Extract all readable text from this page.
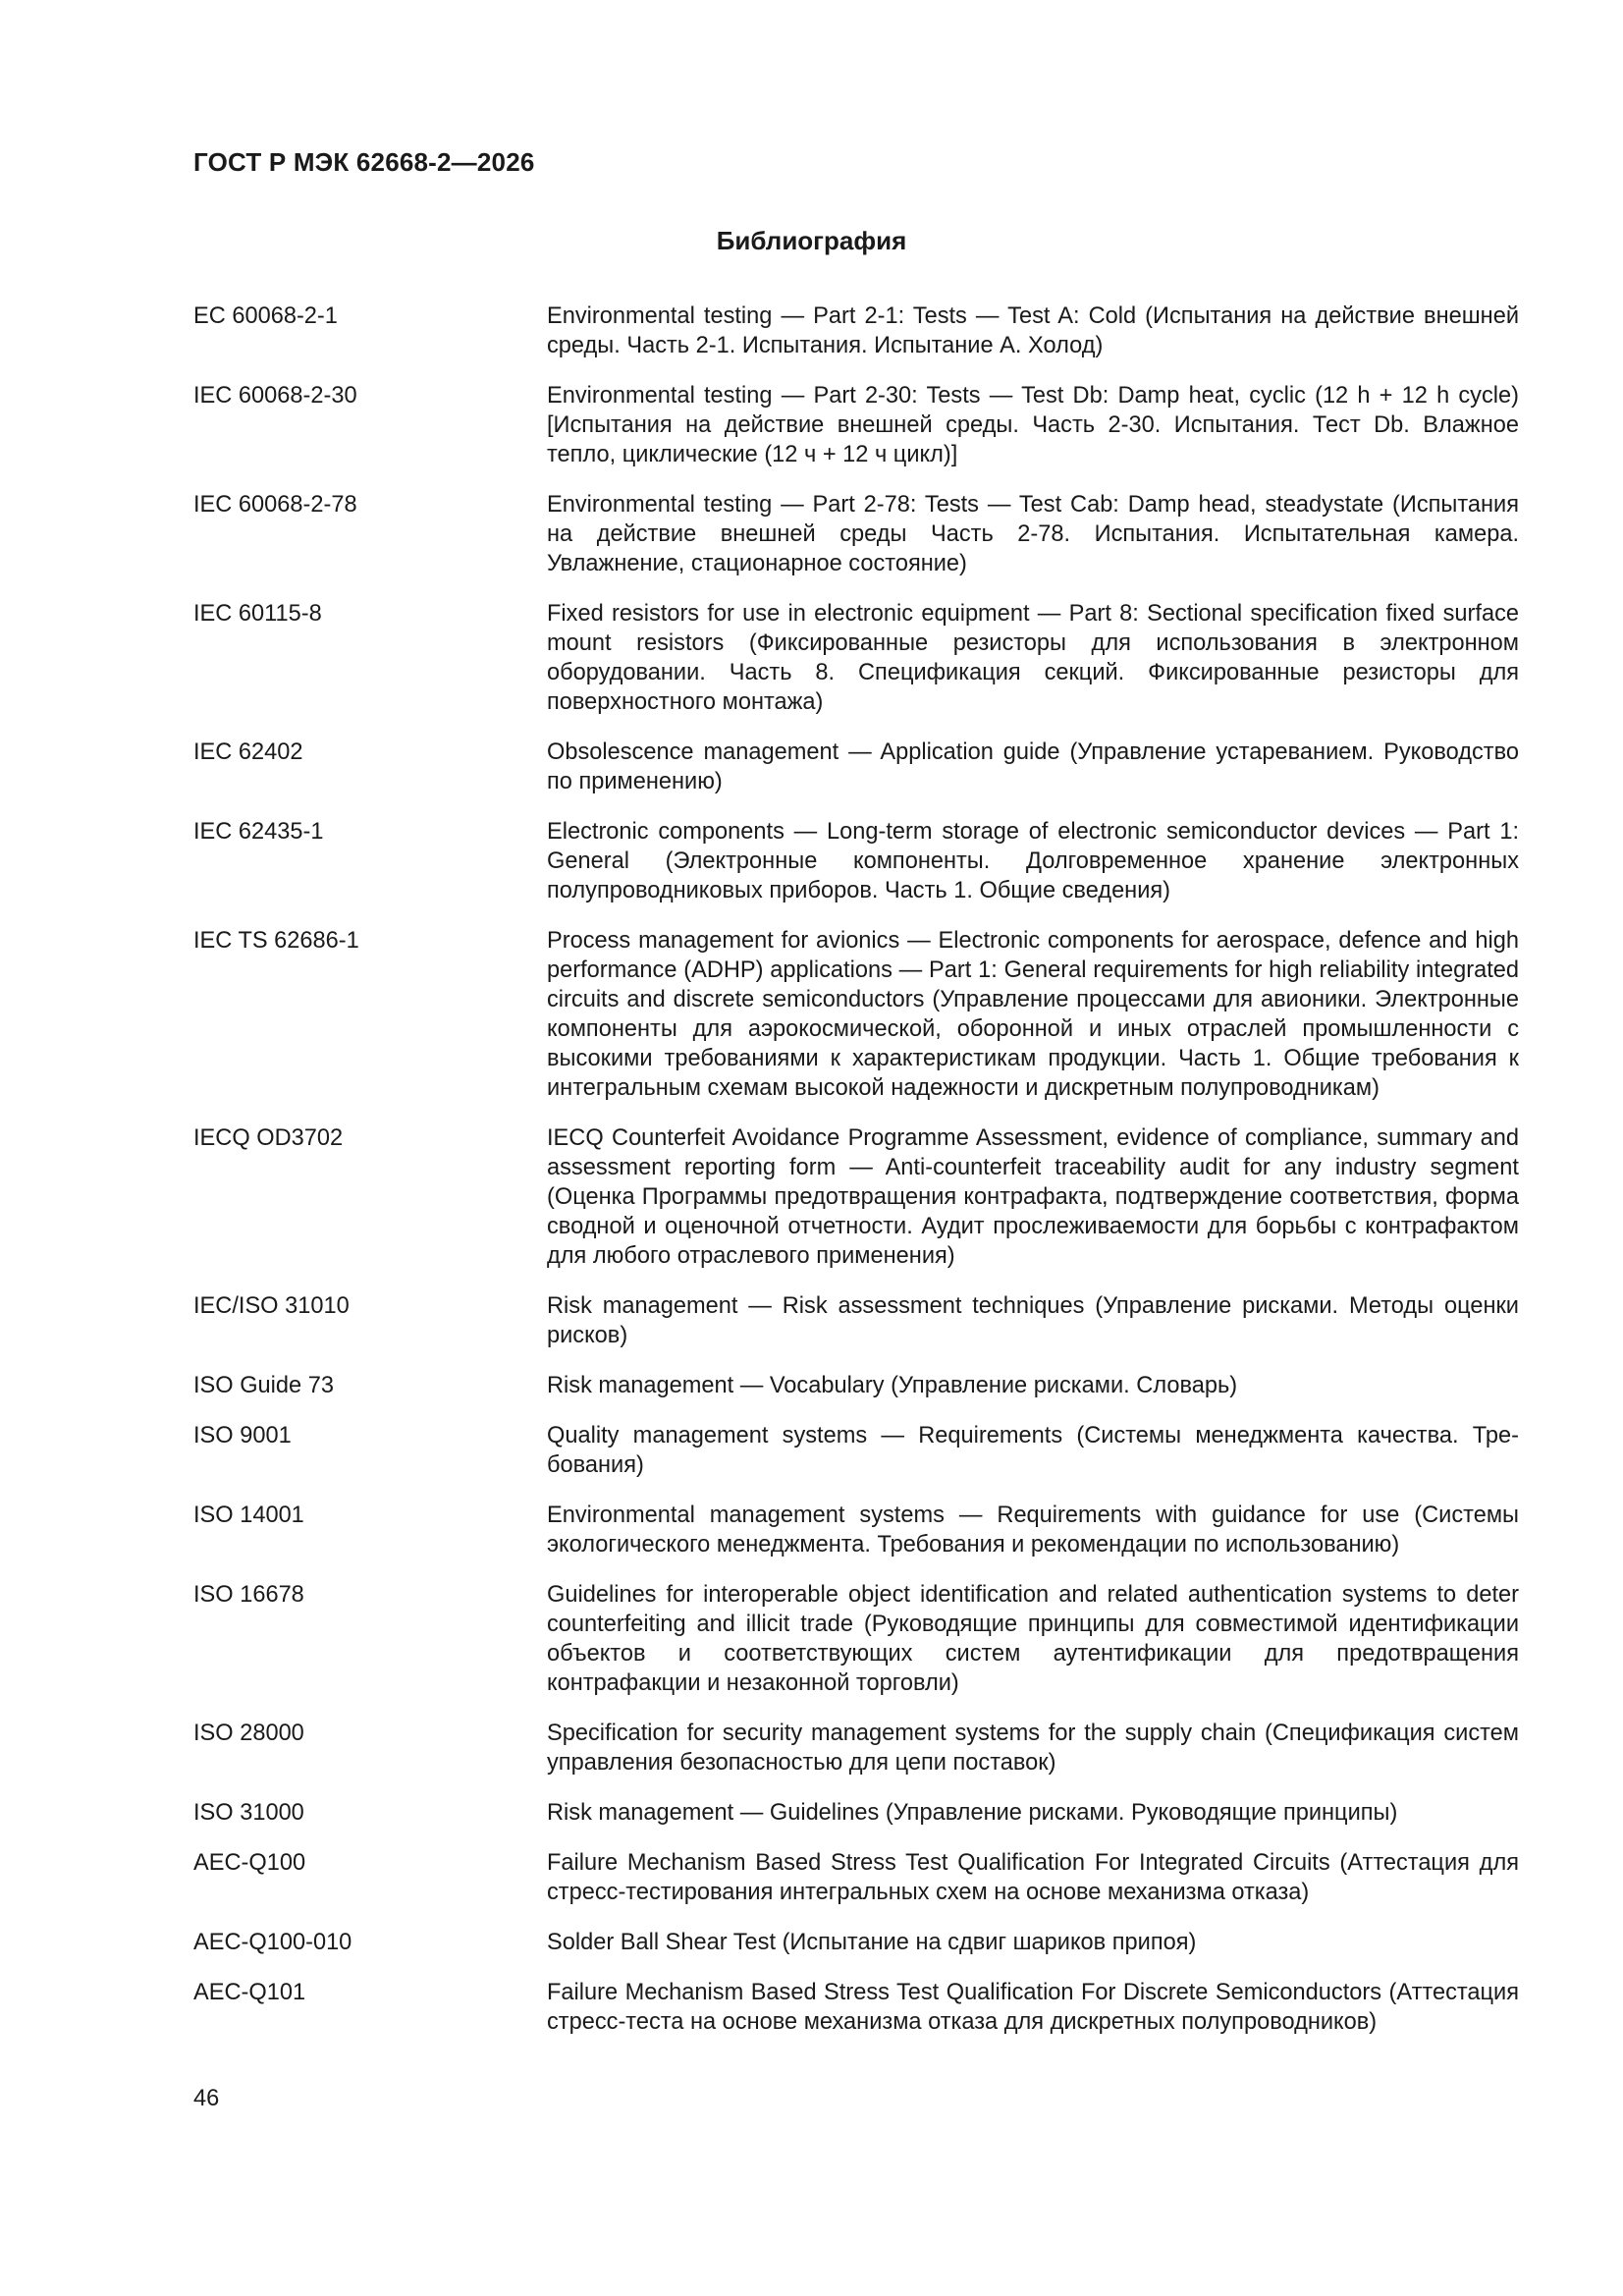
ГОСТ Р МЭК 62668-2—2026
Библиография
EC 60068-2-1	Environmental testing — Part 2-1: Tests — Test A: Cold (Испытания на действие внешней среды. Часть 2-1. Испытания. Испытание А. Холод)
IEC 60068-2-30	Environmental testing — Part 2-30: Tests — Test Db: Damp heat, cyclic (12 h + 12 h cycle) [Испытания на действие внешней среды. Часть 2-30. Испытания. Тест Db. Влажное тепло, циклические (12 ч + 12 ч цикл)]
IEC 60068-2-78	Environmental testing — Part 2-78: Tests — Test Cab: Damp head, steadystate (Испытания на действие внешней среды Часть 2-78. Испытания. Испытательная камера. Увлажнение, стационарное состояние)
IEC 60115-8	Fixed resistors for use in electronic equipment — Part 8: Sectional specification fixed surface mount resistors (Фиксированные резисторы для использования в электронном оборудовании. Часть 8. Спецификация секций. Фиксированные резисторы для поверхностного монтажа)
IEC 62402	Obsolescence management — Application guide (Управление устареванием. Руководство по применению)
IEC 62435-1	Electronic components — Long-term storage of electronic semiconductor devices — Part 1: General (Электронные компоненты. Долговременное хранение электронных полупроводниковых приборов. Часть 1. Общие сведения)
IEC TS 62686-1	Process management for avionics — Electronic components for aerospace, defence and high performance (ADHP) applications — Part 1: General requirements for high reliability integrated circuits and discrete semiconductors (Управление процессами для авионики. Электронные компоненты для аэрокосмической, оборонной и иных отраслей промышленности с высокими требованиями к характеристикам продукции. Часть 1. Общие требования к интегральным схемам высокой надежности и дискретным полупроводникам)
IECQ OD3702	IECQ Counterfeit Avoidance Programme Assessment, evidence of compliance, summary and assessment reporting form — Anti-counterfeit traceability audit for any industry segment (Оценка Программы предотвращения контрафакта, подтверждение соответствия, форма сводной и оценочной отчетности. Аудит прослеживаемости для борьбы с контрафактом для любого отраслевого применения)
IEC/ISO 31010	Risk management — Risk assessment techniques (Управление рисками. Методы оценки рисков)
ISO Guide 73	Risk management — Vocabulary (Управление рисками. Словарь)
ISO 9001	Quality management systems — Requirements (Системы менеджмента качества. Требования)
ISO 14001	Environmental management systems — Requirements with guidance for use (Системы экологического менеджмента. Требования и рекомендации по использованию)
ISO 16678	Guidelines for interoperable object identification and related authentication systems to deter counterfeiting and illicit trade (Руководящие принципы для совместимой идентификации объектов и соответствующих систем аутентификации для предотвращения контрафакции и незаконной торговли)
ISO 28000	Specification for security management systems for the supply chain (Спецификация систем управления безопасностью для цепи поставок)
ISO 31000	Risk management — Guidelines (Управление рисками. Руководящие принципы)
AEC-Q100	Failure Mechanism Based Stress Test Qualification For Integrated Circuits (Аттестация для стресс-тестирования интегральных схем на основе механизма отказа)
AEC-Q100-010	Solder Ball Shear Test (Испытание на сдвиг шариков припоя)
AEC-Q101	Failure Mechanism Based Stress Test Qualification For Discrete Semiconductors (Аттестация стресс-теста на основе механизма отказа для дискретных полупроводников)
46
